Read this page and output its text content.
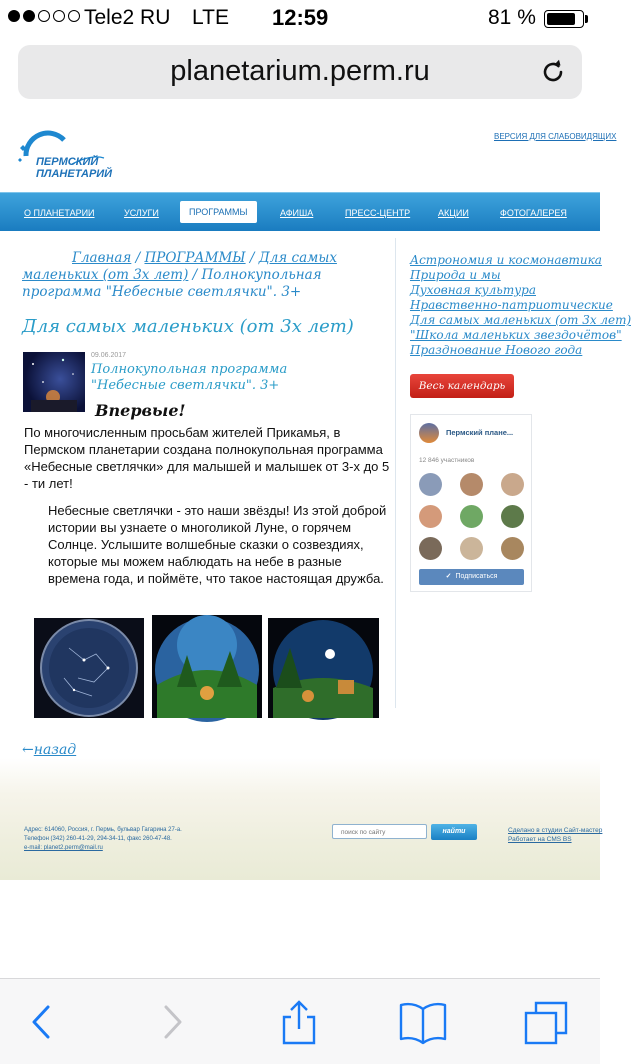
Tele2 RU LTE 12:59	81 %
planetarium.perm.ru
ПЕРМСКИЙ
ПЛАНЕТАРИЙ
ВЕРСИЯ ДЛЯ СЛАБОВИДЯЩИХ
О ПЛАНЕТАРИИ	УСЛУГИ	ПРОГРАММЫ	АФИША	ПРЕСС-ЦЕНТР	АКЦИИ	ФОТОГАЛЕРЕЯ
Главная / ПРОГРАММЫ / Для самых маленьких (от 3х лет) / Полнокупольная программа "Небесные светлячки". 3+
Для самых маленьких (от 3х лет)
09.06.2017
Полнокупольная программа "Небесные светлячки". 3+
Впервые!
По многочисленным просьбам жителей Прикамья, в Пермском планетарии создана полнокупольная программа «Небесные светлячки» для малышей и малышек от 3-х до 5 - ти лет!
Небесные светлячки - это наши звёзды! Из этой доброй истории вы узнаете о многоликой Луне, о горячем Солнце. Услышите волшебные сказки о созвездиях, которые мы можем наблюдать на небе в разные времена года, и поймёте, что такое настоящая дружба.
←назад
Астрономия и космонавтика
Природа и мы
Духовная культура
Нравственно-патриотические
Для самых маленьких (от 3х лет)
"Школа маленьких звездочётов"
Празднование Нового года
Весь календарь
Пермский плане...
12 846 участников
✓ Подписаться
Адрес: 614060, Россия, г. Пермь, бульвар Гагарина 27-а.
Телефон (342) 260-41-29, 294-34-11, факс 260-47-48.
e-mail: planet2.perm@mail.ru
поиск по сайту	найти	Сделано в студии Сайт-мастер
Работает на CMS BS
